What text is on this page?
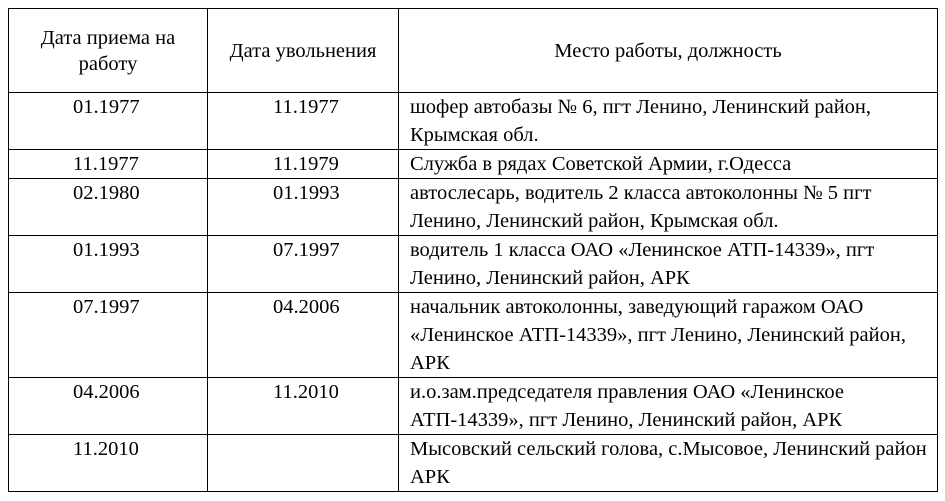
Дата приема на работу	Дата увольнения	Место работы, должность

01.1977	11.1977	шофер автобазы № 6, пгт Ленино, Ленинский район, Крымская обл.
11.1977	11.1979	Служба в рядах Советской Армии, г.Одесса
02.1980	01.1993	автослесарь, водитель 2 класса автоколонны № 5 пгт Ленино, Ленинский район, Крымская обл.
01.1993	07.1997	водитель 1 класса ОАО «Ленинское АТП-14339», пгт Ленино, Ленинский район, АРК
07.1997	04.2006	начальник автоколонны, заведующий гаражом ОАО «Ленинское АТП-14339», пгт Ленино, Ленинский район, АРК
04.2006	11.2010	и.о.зам.председателя правления ОАО «Ленинское АТП-14339», пгт Ленино, Ленинский район, АРК
11.2010		Мысовский сельский голова, с.Мысовое, Ленинский район АРК
